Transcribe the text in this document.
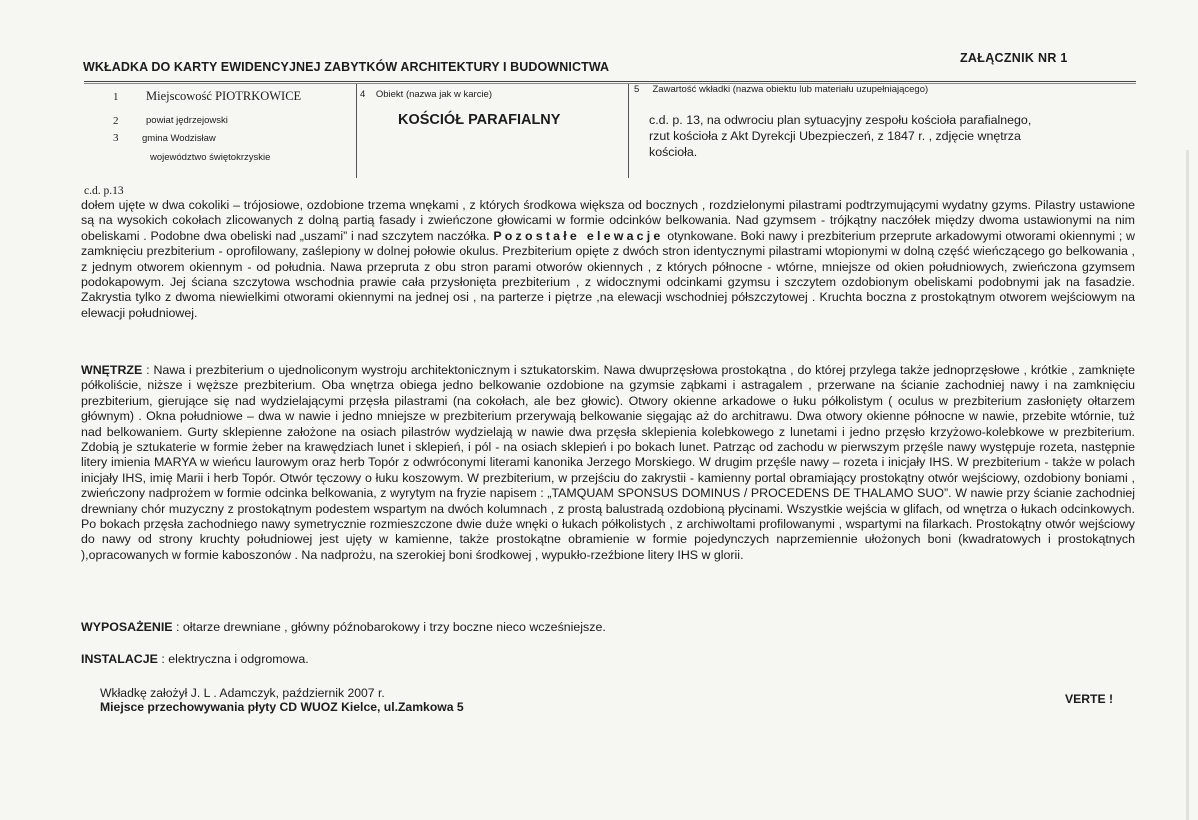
WKŁADKA DO KARTY EWIDENCYJNEJ ZABYTKÓW ARCHITEKTURY I BUDOWNICTWA
ZAŁĄCZNIK NR 1
1 Miejscowość PIOTRKOWICE
2	powiat jędrzejowski
3 gmina Wodzisław
województwo świętokrzyskie
4 Obiekt (nazwa jak w karcie)
KOŚCIÓŁ PARAFIALNY
5 Zawartość wkładki (nazwa obiektu lub materiału uzupełniającego)
c.d. p. 13, na odwrociu plan sytuacyjny zespołu kościoła parafialnego,
rzut kościoła z Akt Dyrekcji Ubezpieczeń, z 1847 r. , zdjęcie wnętrza
kościoła.
c.d. p.13

dołem ujęte w dwa cokoliki – trójosiowe, ozdobione trzema wnękami , z których środkowa większa od bocznych , rozdzielonymi pilastrami podtrzymującymi wydatny gzyms. Pilastry ustawione są na wysokich cokołach zlicowanych z dolną partią fasady i zwieńczone głowicami w formie odcinków belkowania. Nad gzymsem - trójkątny naczółek między dwoma ustawionymi na nim obeliskami . Podobne dwa obeliski nad „uszami” i nad szczytem naczółka. Pozostałe elewacje otynkowane. Boki nawy i prezbiterium przeprute arkadowymi otworami okiennymi ; w zamknięciu prezbiterium - oprofilowany, zaślepiony w dolnej połowie okulus. Prezbiterium opięte z dwóch stron identycznymi pilastrami wtopionymi w dolną część wieńczącego go belkowania , z jednym otworem okiennym - od południa. Nawa przeprutа z obu stron parami otworów okiennych , z których północne - wtórne, mniejsze od okien południowych, zwieńczona gzymsem podokapowym. Jej ściana szczytowa wschodnia prawie cała przysłonięta prezbiterium , z widocznymi odcinkami gzymsu i szczytem ozdobionym obeliskami podobnymi jak na fasadzie. Zakrystia tylko z dwoma niewielkimi otworami okiennymi na jednej osi , na parterze i piętrze ,na elewacji wschodniej półszczytowej . Kruchta boczna z prostokątnym otworem wejściowym na elewacji południowej.

WNĘTRZE : Nawa i prezbiterium o ujednoliconym wystroju architektonicznym i sztukatorskim. Nawa dwuprzęsłowa prostokątna , do której przylega także jednoprzęsłowe , krótkie , zamknięte półkoliście, niższe i węższe prezbiterium. Oba wnętrza obiega jedno belkowanie ozdobione na gzymsie ząbkami i astragalem , przerwane na ścianie zachodniej nawy i na zamknięciu prezbiterium, gierujące się nad wydzielającymi przęsła pilastrami (na cokołach, ale bez głowic). Otwory okienne arkadowe o łuku półkolistym ( oculus w prezbiterium zasłonięty ołtarzem głównym) . Okna południowe – dwa w nawie i jedno mniejsze w prezbiterium przerywają belkowanie sięgając aż do architrawu. Dwa otwory okienne północne w nawie, przebite wtórnie, tuż nad belkowaniem. Gurty sklepienne założone na osiach pilastrów wydzielają w nawie dwa przęsła sklepienia kolebkowego z lunetami i jedno przęsło krzyżowo-kolebkowe w prezbiterium. Zdobią je sztukaterie w formie żeber na krawędziach lunet i sklepień, i pól - na osiach sklepień i po bokach lunet. Patrząc od zachodu w pierwszym przęśle nawy występuje rozeta, następnie litery imienia MARYA w wieńcu laurowym oraz herb Topór z odwróconymi literami kanonika Jerzego Morskiego. W drugim przęśle nawy – rozeta i inicjały IHS. W prezbiterium - także w polach inicjały IHS, imię Marii i herb Topór. Otwór tęczowy o łuku koszowym. W prezbiterium, w przejściu do zakrystii - kamienny portal obramiający prostokątny otwór wejściowy, ozdobiony boniami , zwieńczony nadprożem w formie odcinka belkowania, z wyrytym na fryzie napisem : „TAMQUAM SPONSUS DOMINUS / PROCEDENS DE THALAMO SUO”. W nawie przy ścianie zachodniej drewniany chór muzyczny z prostokątnym podestem wspartym na dwóch kolumnach , z prostą balustradą ozdobioną płycinami. Wszystkie wejścia w glifach, od wnętrza o łukach odcinkowych. Po bokach przęsła zachodniego nawy symetrycznie rozmieszczone dwie duże wnęki o łukach półkolistych , z archiwoltami profilowanymi , wspartymi na filarkach. Prostokątny otwór wejściowy do nawy od strony kruchty południowej jest ujęty w kamienne, także prostokątne obramienie w formie pojedynczych naprzemiennie ułożonych boni (kwadratowych i prostokątnych ),opracowanych w formie kaboszonów . Na nadprożu, na szerokiej boni środkowej , wypukło-rzeźbione litery IHS w glorii.

WYPOSAŻENIE : ołtarze drewniane , główny późnobarokowy i trzy boczne nieco wcześniejsze.

INSTALACJE : elektryczna i odgromowa.

Wkładkę założył J. L . Adamczyk, październik 2007 r.
Miejsce przechowywania płyty CD WUOZ Kielce, ul.Zamkowa 5
VERTE !
